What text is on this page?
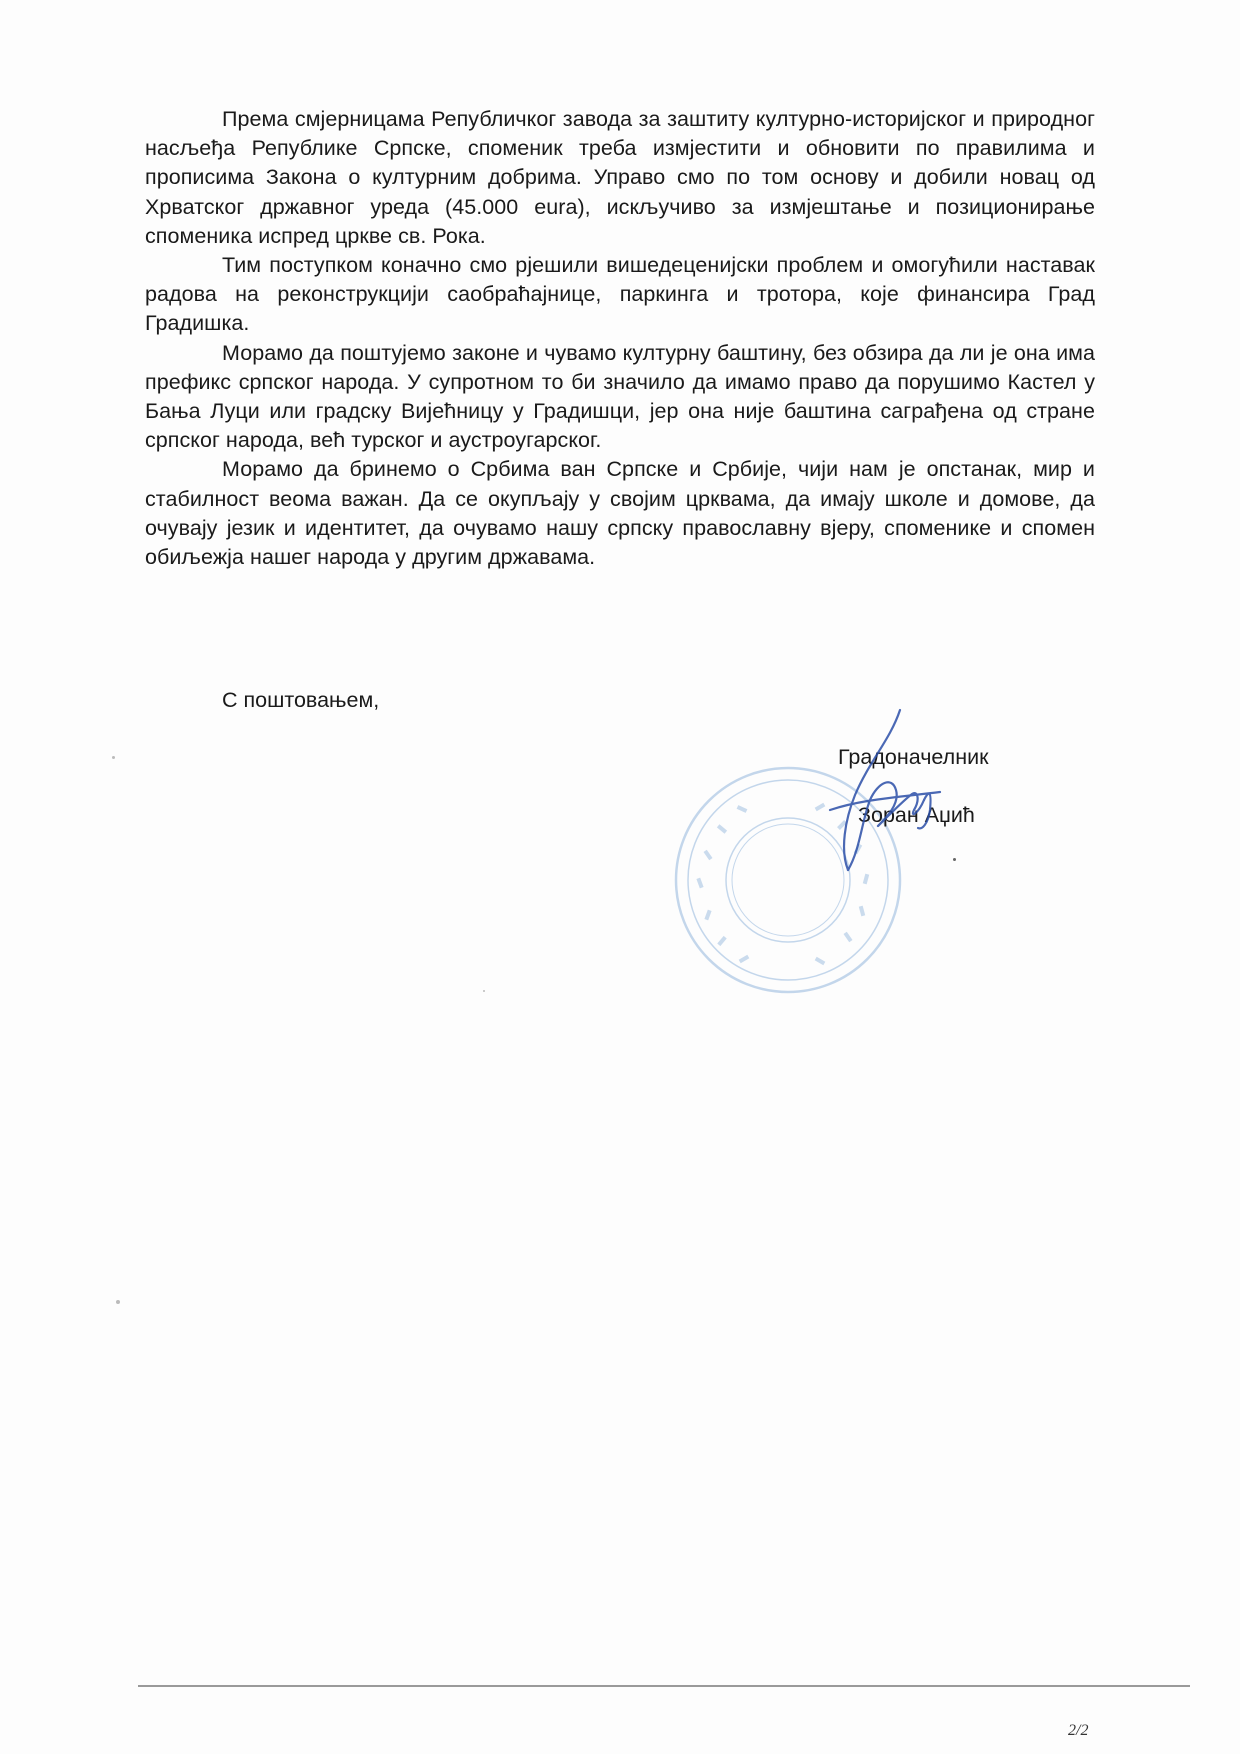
Према смјерницама Републичког завода за заштиту културно-историјског и природног насљеђа Републике Српске, споменик треба измјестити и обновити по правилима и прописима Закона о културним добрима. Управо смо по том основу и добили новац од Хрватског државног уреда (45.000 eura), искључиво за измјештање и позиционирање споменика испред цркве св. Рока.

Тим поступком коначно смо рјешили вишедеценијски проблем и омогућили наставак радова на реконструкцији саобраћајнице, паркинга и тротора, које финансира Град Градишка.

Морамо да поштујемо законе и чувамо културну баштину, без обзира да ли је она има префикс српског народа. У супротном то би значило да имамо право да порушимо Кастел у Бања Луци или градску Вијећницу у Градишци, јер она није баштина саграђена од стране српског народа, већ турског и аустроугарског.

Морамо да бринемо о Србима ван Српске и Србије, чији нам је опстанак, мир и стабилност веома важан. Да се окупљају у својим црквама, да имају школе и домове, да очувају језик и идентитет, да очувамо нашу српску православну вјеру, споменике и спомен обиљежја нашег народа у другим државама.

С поштовањем,
Градоначелник
Зоран Аџић
2/2
